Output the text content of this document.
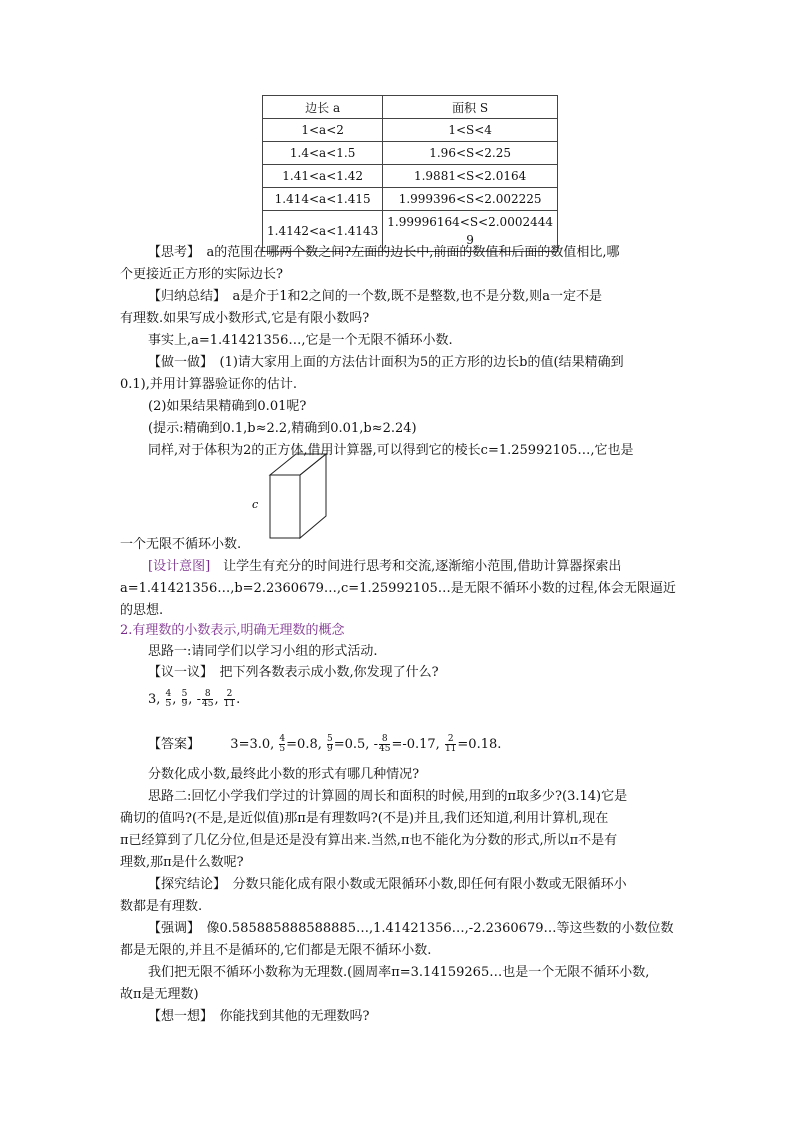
边长 a	面积 S
1<a<2	1<S<4
1.4<a<1.5	1.96<S<2.25
1.41<a<1.42	1.9881<S<2.0164
1.414<a<1.415	1.999396<S<2.002225
1.4142<a<1.4143	1.99996164<S<2.0002444
9
【思考】　a的范围在哪两个数之间?左面的边长中,前面的数值和后面的数值相比,哪
个更接近正方形的实际边长?
【归纳总结】　a是介于1和2之间的一个数,既不是整数,也不是分数,则a一定不是
有理数.如果写成小数形式,它是有限小数吗?
事实上,a=1.41421356…,它是一个无限不循环小数.
【做一做】　(1)请大家用上面的方法估计面积为5的正方形的边长b的值(结果精确到
0.1),并用计算器验证你的估计.
(2)如果结果精确到0.01呢?
(提示:精确到0.1,b≈2.2,精确到0.01,b≈2.24)
同样,对于体积为2的正方体,借用计算器,可以得到它的棱长c=1.25992105…,它也是
c
一个无限不循环小数.
[设计意图]　让学生有充分的时间进行思考和交流,逐渐缩小范围,借助计算器探索出
a=1.41421356…,b=2.2360679…,c=1.25992105…是无限不循环小数的过程,体会无限逼近
的思想.
2.有理数的小数表示,明确无理数的概念
思路一:请同学们以学习小组的形式活动.
【议一议】　把下列各数表示成小数,你发现了什么?
3, $\frac{4}{5}$ , $\frac{5}{9}$ , - $\frac{8}{45}$ , $\frac{2}{11}$ .
【答案】 3=3.0, $\frac{4}{5} =0.8$, $\frac{5}{9} =0.5$, - $\frac{8}{45} =-0.17$, $\frac{2}{11} =0.18$.
分数化成小数,最终此小数的形式有哪几种情况?
思路二:回忆小学我们学过的计算圆的周长和面积的时候,用到的π取多少?(3.14)它是
确切的值吗?(不是,是近似值)那π是有理数吗?(不是)并且,我们还知道,利用计算机,现在
π已经算到了几亿分位,但是还是没有算出来.当然,π也不能化为分数的形式,所以π不是有
理数,那π是什么数呢?
【探究结论】　分数只能化成有限小数或无限循环小数,即任何有限小数或无限循环小
数都是有理数.
【强调】　像0.585885888588885…,1.41421356…,-2.2360679…等这些数的小数位数
都是无限的,并且不是循环的,它们都是无限不循环小数.
我们把无限不循环小数称为无理数.(圆周率π=3.14159265…也是一个无限不循环小数,
故π是无理数)
【想一想】　你能找到其他的无理数吗?
